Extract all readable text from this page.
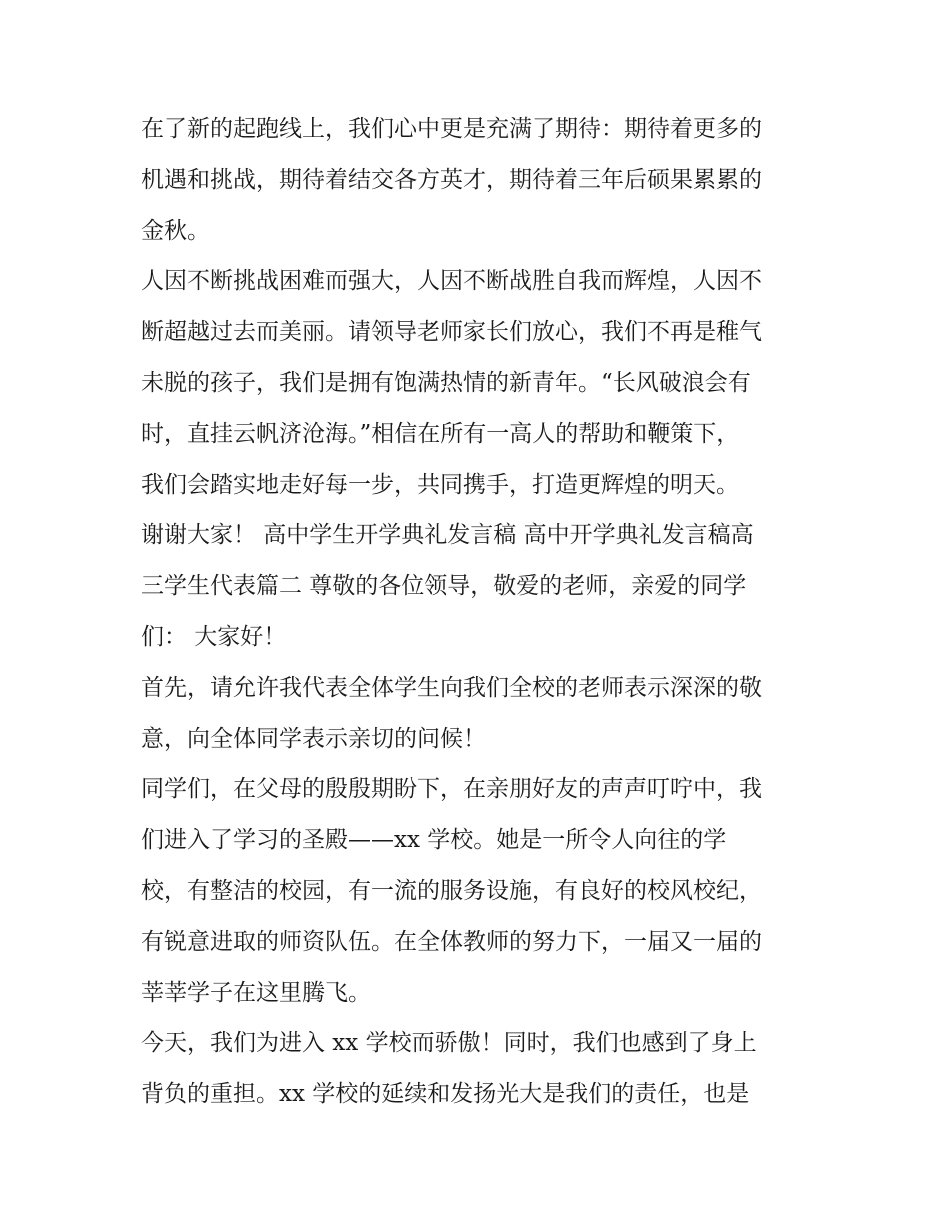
在了新的起跑线上，我们心中更是充满了期待：期待着更多的
机遇和挑战，期待着结交各方英才，期待着三年后硕果累累的
金秋。

人因不断挑战困难而强大，人因不断战胜自我而辉煌，人因不
断超越过去而美丽。请领导老师家长们放心，我们不再是稚气
未脱的孩子，我们是拥有饱满热情的新青年。“长风破浪会有
时，直挂云帆济沧海。”相信在所有一高人的帮助和鞭策下，
我们会踏实地走好每一步，共同携手，打造更辉煌的明天。

谢谢大家！ 高中学生开学典礼发言稿 高中开学典礼发言稿高
三学生代表篇二 尊敬的各位领导，敬爱的老师，亲爱的同学
们： 大家好！

首先，请允许我代表全体学生向我们全校的老师表示深深的敬
意，向全体同学表示亲切的问候！

同学们，在父母的殷殷期盼下，在亲朋好友的声声叮咛中，我
们进入了学习的圣殿——xx 学校。她是一所令人向往的学
校，有整洁的校园，有一流的服务设施，有良好的校风校纪，
有锐意进取的师资队伍。在全体教师的努力下，一届又一届的
莘莘学子在这里腾飞。

今天，我们为进入 xx 学校而骄傲！同时，我们也感到了身上
背负的重担。xx 学校的延续和发扬光大是我们的责任，也是
